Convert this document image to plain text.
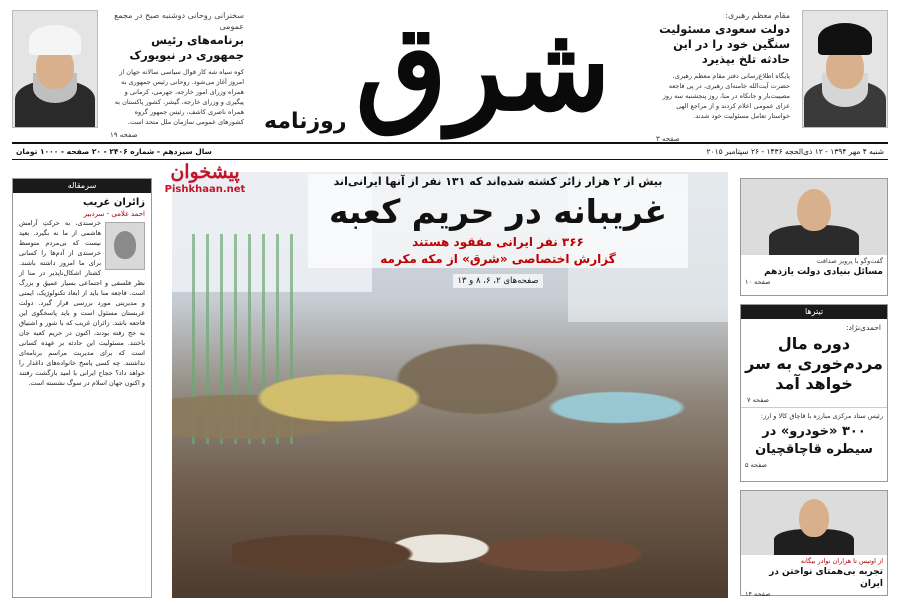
سخنرانی روحانی دوشنبه صبح در مجمع عمومی
برنامه‌های رئیس جمهوری در نیویورک
کوه سیاه شه کار قوال سیاسی سالانه جهان از امروز آغاز می‌شود. روحانی رئیس جمهوری به همراه وزرای امور خارجه، جهرمی، کرمانی و پیگیری و وزرای خارجه، گیشر، کشور پاکستان به همراه ناصری کاشف، رئیس جمهور گروه کشورهای عمومی سازمان ملل متحد است.
صفحه ۱۹	شرق
روزنامه
مقام معظم رهبری:
دولت سعودی مسئولیت سنگین خود را در این حادثه تلخ بپذیرد
پایگاه اطلاع‌رسانی دفتر مقام معظم رهبری، حضرت آیت‌الله خامنه‌ای رهبری، در پی فاجعه مصیبت‌بار و جانکاه در منا، روز پنجشنبه سه روز عزای عمومی اعلام کردند و از مراجع الهی خواستار تعامل مسئولیت خود شدند.
صفحه ۳
شنبه ۴ مهر ۱۳۹۴ - ۱۲ ذی‌الحجه ۱۴۳۶ - ۲۶ سپتامبر ۲۰۱۵
سال سیزدهم - شماره ۲۴۰۶ - ۲۰ صفحه - ۱۰۰۰ تومان
پیشخوان
Pishkhaan.net
سرمقاله
زائران غریب
احمد غلامی - سردبیر
خرسندی، به حرکتِ آرامش هاشمی از ما نه بگیرد. بعید نیست که بی‌مردم متوسط خرسندی از آدم‌ها را کسانی برای ما امروز داشته باشند. کشتار اشکال‌ناپذیر در منا از نظر فلسفی و اجتماعی بسیار عمیق و بزرگ است. فاجعه منا باید از ابعاد تکنولوژیک، ایمنی و مدیریتی مورد بررسی قرار گیرد. دولت عربستان مسئول است و باید پاسخگوی این فاجعه باشد. زائران غریب که با شور و اشتیاق به حج رفته بودند، اکنون در حریم کعبه جان باختند. مسئولیت این حادثه بر عهده کسانی است که برای مدیریت مراسم برنامه‌ای نداشتند. چه کسی پاسخ خانواده‌های داغدار را خواهد داد؟ حجاج ایرانی با امید بازگشت رفتند و اکنون جهان اسلام در سوگ نشسته است.
بیش از ۲ هزار زائر کشته شده‌اند که ۱۳۱ نفر از آنها ایرانی‌اند
غریبانه در حریم کعبه
۳۶۶ نفر ایرانی مفقود هستند
گزارش اختصاصی «شرق» از مکه مکرمه
صفحه‌های ۲، ۶، ۸ و ۱۳
گفت‌وگو با پرویز صداقت
مسائل بنیادی دولت یازدهم
صفحه ۱۰
تیترها
احمدی‌نژاد:
دوره مال مردم‌خوری به سر خواهد آمد
صفحه ۷
رئیس ستاد مرکزی مبارزه با قاچاق کالا و ارز:
۳۰۰ «خودرو» در سیطره قاچاقچیان
صفحه ۵
از اوتیس تا هزاران نوادر بیگانه
تجربه بی‌همتای نواختن در ایران
صفحه ۱۴
